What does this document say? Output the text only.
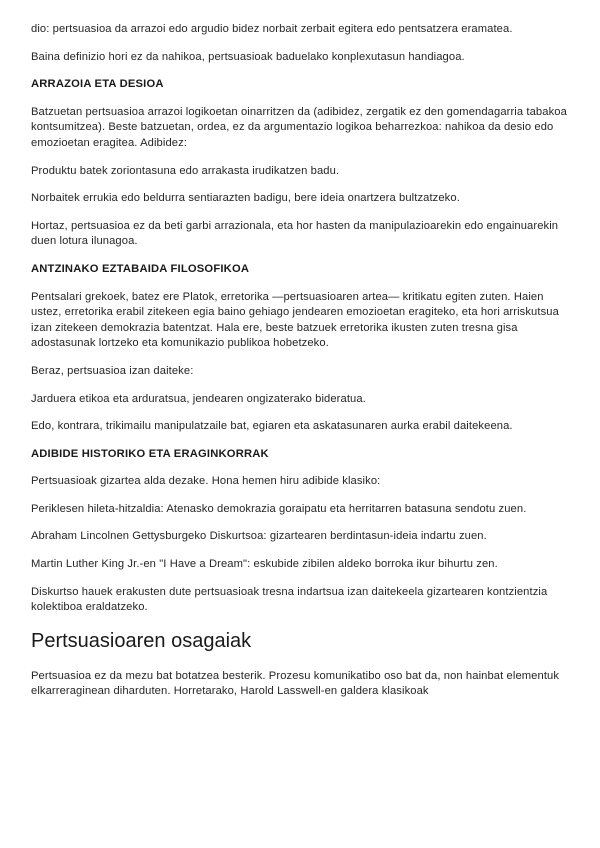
dio: pertsuasioa da arrazoi edo argudio bidez norbait zerbait egitera edo pentsatzera eramatea.

Baina definizio hori ez da nahikoa, pertsuasioak baduelako konplexutasun handiagoa.

ARRAZOIA ETA DESIOA

Batzuetan pertsuasioa arrazoi logikoetan oinarritzen da (adibidez, zergatik ez den gomendagarria tabakoa kontsumitzea). Beste batzuetan, ordea, ez da argumentazio logikoa beharrezkoa: nahikoa da desio edo emozioetan eragitea. Adibidez:

Produktu batek zoriontasuna edo arrakasta irudikatzen badu.

Norbaitek errukia edo beldurra sentiarazten badigu, bere ideia onartzera bultzatzeko.

Hortaz, pertsuasioa ez da beti garbi arrazionala, eta hor hasten da manipulazioarekin edo engainuarekin duen lotura ilunagoa.

ANTZINAKO EZTABAIDA FILOSOFIKOA

Pentsalari grekoek, batez ere Platok, erretorika —pertsuasioaren artea— kritikatu egiten zuten. Haien ustez, erretorika erabil zitekeen egia baino gehiago jendearen emozioetan eragiteko, eta hori arriskutsua izan zitekeen demokrazia batentzat. Hala ere, beste batzuek erretorika ikusten zuten tresna gisa adostasunak lortzeko eta komunikazio publikoa hobetzeko.

Beraz, pertsuasioa izan daiteke:

Jarduera etikoa eta arduratsua, jendearen ongizaterako bideratua.

Edo, kontrara, trikimailu manipulatzaile bat, egiaren eta askatasunaren aurka erabil daitekeena.

ADIBIDE HISTORIKO ETA ERAGINKORRAK

Pertsuasioak gizartea alda dezake. Hona hemen hiru adibide klasiko:

Periklesen hileta-hitzaldia: Atenasko demokrazia goraipatu eta herritarren batasuna sendotu zuen.

Abraham Lincolnen Gettysburgeko Diskurtsoa: gizartearen berdintasun-ideia indartu zuen.

Martin Luther King Jr.-en "I Have a Dream": eskubide zibilen aldeko borroka ikur bihurtu zen.

Diskurtso hauek erakusten dute pertsuasioak tresna indartsua izan daitekeela gizartearen kontzientzia kolektiboa eraldatzeko.

Pertsuasioaren osagaiak

Pertsuasioa ez da mezu bat botatzea besterik. Prozesu komunikatibo oso bat da, non hainbat elementuk elkarreraginean diharduten. Horretarako, Harold Lasswell-en galdera klasikoak
